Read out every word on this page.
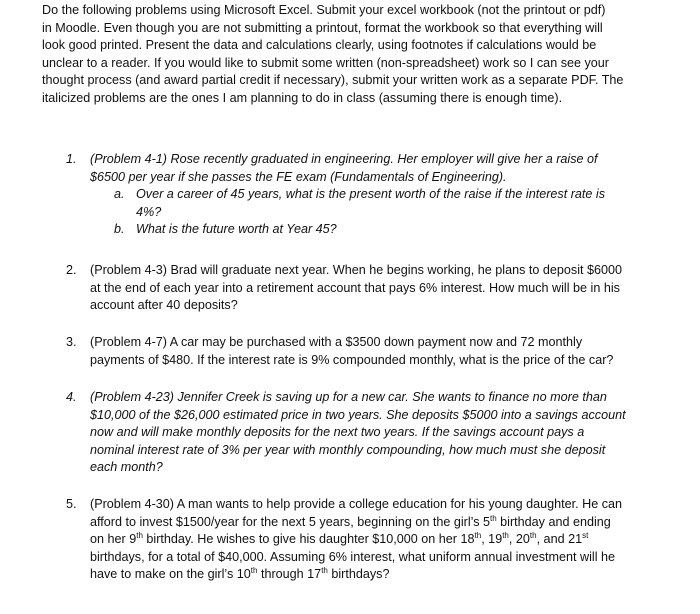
Do the following problems using Microsoft Excel. Submit your excel workbook (not the printout or pdf)

in Moodle. Even though you are not submitting a printout, format the workbook so that everything will

look good printed. Present the data and calculations clearly, using footnotes if calculations would be

unclear to a reader. If you would like to submit some written (non-spreadsheet) work so I can see your

thought process (and award partial credit if necessary), submit your written work as a separate PDF. The

italicized problems are the ones I am planning to do in class (assuming there is enough time).

1.	(Problem 4-1) Rose recently graduated in engineering. Her employer will give her a raise of

$6500 per year if she passes the FE exam (Fundamentals of Engineering).

a. Over a career of 45 years, what is the present worth of the raise if the interest rate is

4%?

b. What is the future worth at Year 45?

2.	(Problem 4-3) Brad will graduate next year. When he begins working, he plans to deposit $6000

at the end of each year into a retirement account that pays 6% interest. How much will be in his

account after 40 deposits?

3.	(Problem 4-7) A car may be purchased with a $3500 down payment now and 72 monthly

payments of $480. If the interest rate is 9% compounded monthly, what is the price of the car?

4.	(Problem 4-23) Jennifer Creek is saving up for a new car. She wants to finance no more than

$10,000 of the $26,000 estimated price in two years. She deposits $5000 into a savings account

now and will make monthly deposits for the next two years. If the savings account pays a

nominal interest rate of 3% per year with monthly compounding, how much must she deposit

each month?

5.	(Problem 4-30) A man wants to help provide a college education for his young daughter. He can

afford to invest $1500/year for the next 5 years, beginning on the girl’s 5th birthday and ending

on her 9th birthday. He wishes to give his daughter $10,000 on her 18th, 19th, 20th, and 21st

birthdays, for a total of $40,000. Assuming 6% interest, what uniform annual investment will he

have to make on the girl’s 10th through 17th birthdays?
